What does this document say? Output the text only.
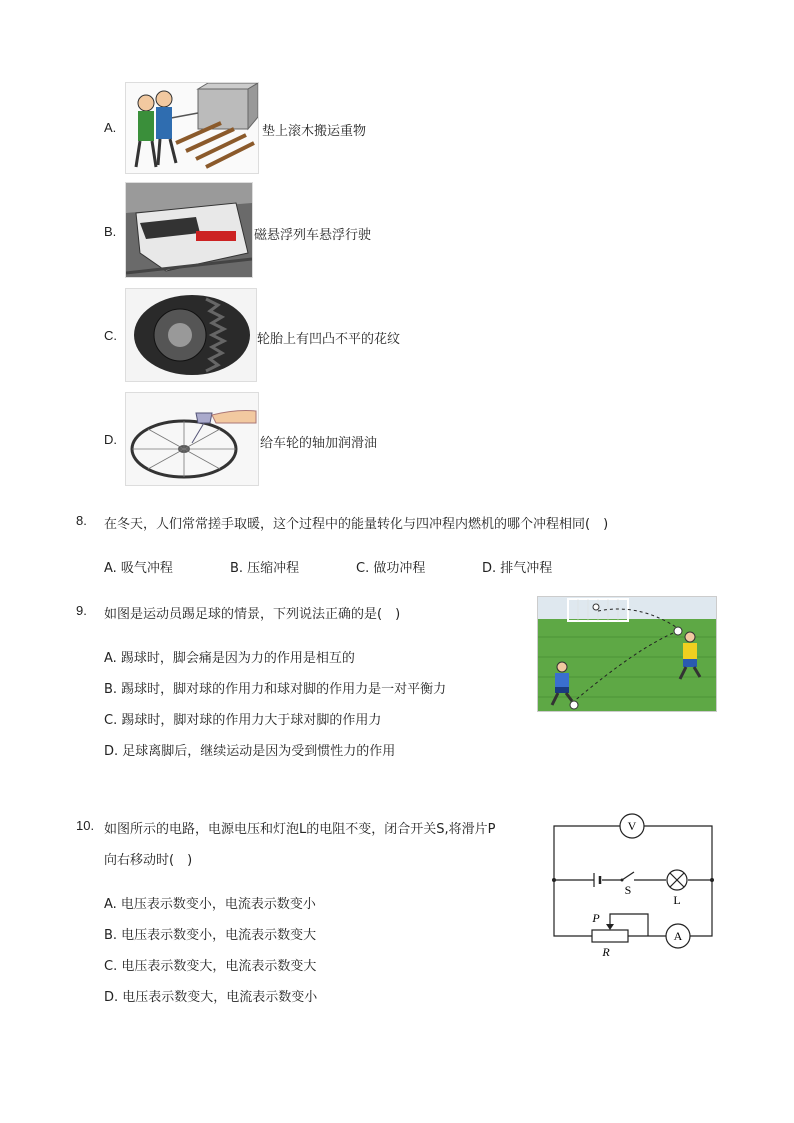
A.	垫上滚木搬运重物
B.	磁悬浮列车悬浮行驶
C.	轮胎上有凹凸不平的花纹
D.	给车轮的轴加润滑油
8. 在冬天，人们常常搓手取暖，这个过程中的能量转化与四冲程内燃机的哪个冲程相同(　)
A. 吸气冲程	B. 压缩冲程	C. 做功冲程	D. 排气冲程
9. 如图是运动员踢足球的情景，下列说法正确的是(　)
A. 踢球时，脚会痛是因为力的作用是相互的
B. 踢球时，脚对球的作用力和球对脚的作用力是一对平衡力
C. 踢球时，脚对球的作用力大于球对脚的作用力
D. 足球离脚后，继续运动是因为受到惯性力的作用
10. 如图所示的电路，电源电压和灯泡L的电阻不变，闭合开关S,将滑片P
向右移动时(　)
A. 电压表示数变小，电流表示数变小
B. 电压表示数变小，电流表示数变大
C. 电压表示数变大，电流表示数变大
D. 电压表示数变大，电流表示数变小
V
L
S
A
P
R
